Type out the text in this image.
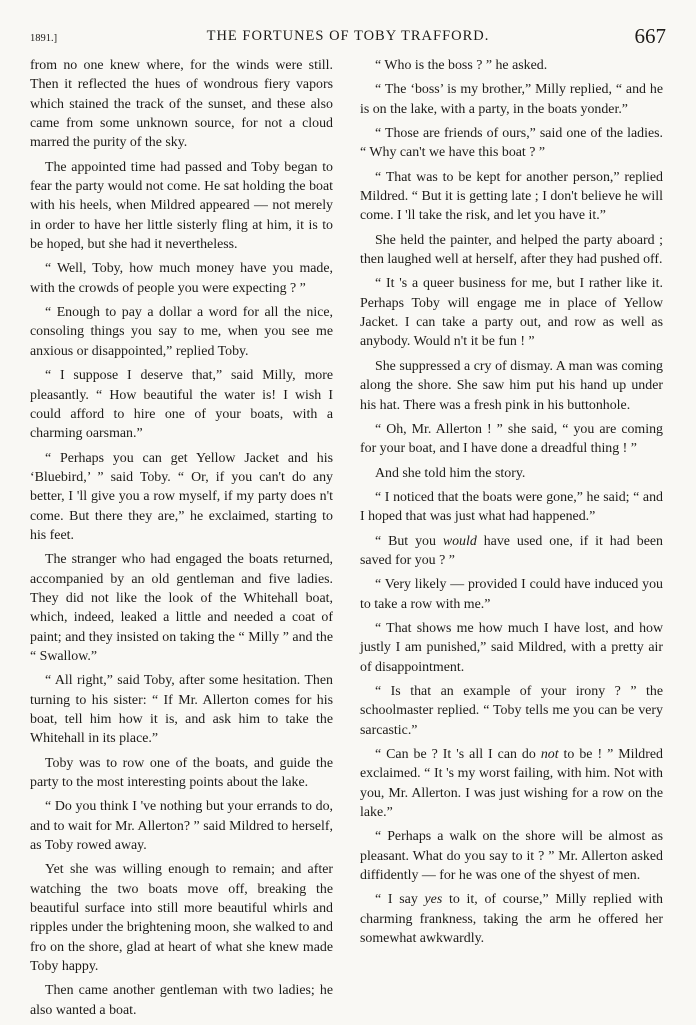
1891.]	THE FORTUNES OF TOBY TRAFFORD.	667

from no one knew where, for the winds were still. Then it reflected the hues of wondrous fiery vapors which stained the track of the sunset, and these also came from some unknown source, for not a cloud marred the purity of the sky.

The appointed time had passed and Toby began to fear the party would not come. He sat holding the boat with his heels, when Mildred appeared — not merely in order to have her little sisterly fling at him, it is to be hoped, but she had it nevertheless.

“ Well, Toby, how much money have you made, with the crowds of people you were expecting ? ”

“ Enough to pay a dollar a word for all the nice, consoling things you say to me, when you see me anxious or disappointed,” replied Toby.

“ I suppose I deserve that,” said Milly, more pleasantly. “ How beautiful the water is! I wish I could afford to hire one of your boats, with a charming oarsman.”

“ Perhaps you can get Yellow Jacket and his ‘Bluebird,’ ” said Toby. “ Or, if you can't do any better, I 'll give you a row myself, if my party does n't come. But there they are,” he exclaimed, starting to his feet.

The stranger who had engaged the boats returned, accompanied by an old gentleman and five ladies. They did not like the look of the Whitehall boat, which, indeed, leaked a little and needed a coat of paint; and they insisted on taking the “ Milly ” and the “ Swallow.”

“ All right,” said Toby, after some hesitation. Then turning to his sister: “ If Mr. Allerton comes for his boat, tell him how it is, and ask him to take the Whitehall in its place.”

Toby was to row one of the boats, and guide the party to the most interesting points about the lake.

“ Do you think I 've nothing but your errands to do, and to wait for Mr. Allerton? ” said Mildred to herself, as Toby rowed away.

Yet she was willing enough to remain; and after watching the two boats move off, breaking the beautiful surface into still more beautiful whirls and ripples under the brightening moon, she walked to and fro on the shore, glad at heart of what she knew made Toby happy.

Then came another gentleman with two ladies; he also wanted a boat.

“ Who is the boss ? ” he asked.

“ The ‘boss’ is my brother,” Milly replied, “ and he is on the lake, with a party, in the boats yonder.”

“ Those are friends of ours,” said one of the ladies. “ Why can't we have this boat ? ”

“ That was to be kept for another person,” replied Mildred. “ But it is getting late ; I don't believe he will come. I 'll take the risk, and let you have it.”

She held the painter, and helped the party aboard ; then laughed well at herself, after they had pushed off.

“ It 's a queer business for me, but I rather like it. Perhaps Toby will engage me in place of Yellow Jacket. I can take a party out, and row as well as anybody. Would n't it be fun ! ”

She suppressed a cry of dismay. A man was coming along the shore. She saw him put his hand up under his hat. There was a fresh pink in his buttonhole.

“ Oh, Mr. Allerton ! ” she said, “ you are coming for your boat, and I have done a dreadful thing ! ”

And she told him the story.

“ I noticed that the boats were gone,” he said; “ and I hoped that was just what had happened.”

“ But you would have used one, if it had been saved for you ? ”

“ Very likely — provided I could have induced you to take a row with me.”

“ That shows me how much I have lost, and how justly I am punished,” said Mildred, with a pretty air of disappointment.

“ Is that an example of your irony ? ” the schoolmaster replied. “ Toby tells me you can be very sarcastic.”

“ Can be ? It 's all I can do not to be ! ” Mildred exclaimed. “ It 's my worst failing, with him. Not with you, Mr. Allerton. I was just wishing for a row on the lake.”

“ Perhaps a walk on the shore will be almost as pleasant. What do you say to it ? ” Mr. Allerton asked diffidently — for he was one of the shyest of men.

“ I say yes to it, of course,” Milly replied with charming frankness, taking the arm he offered her somewhat awkwardly.
